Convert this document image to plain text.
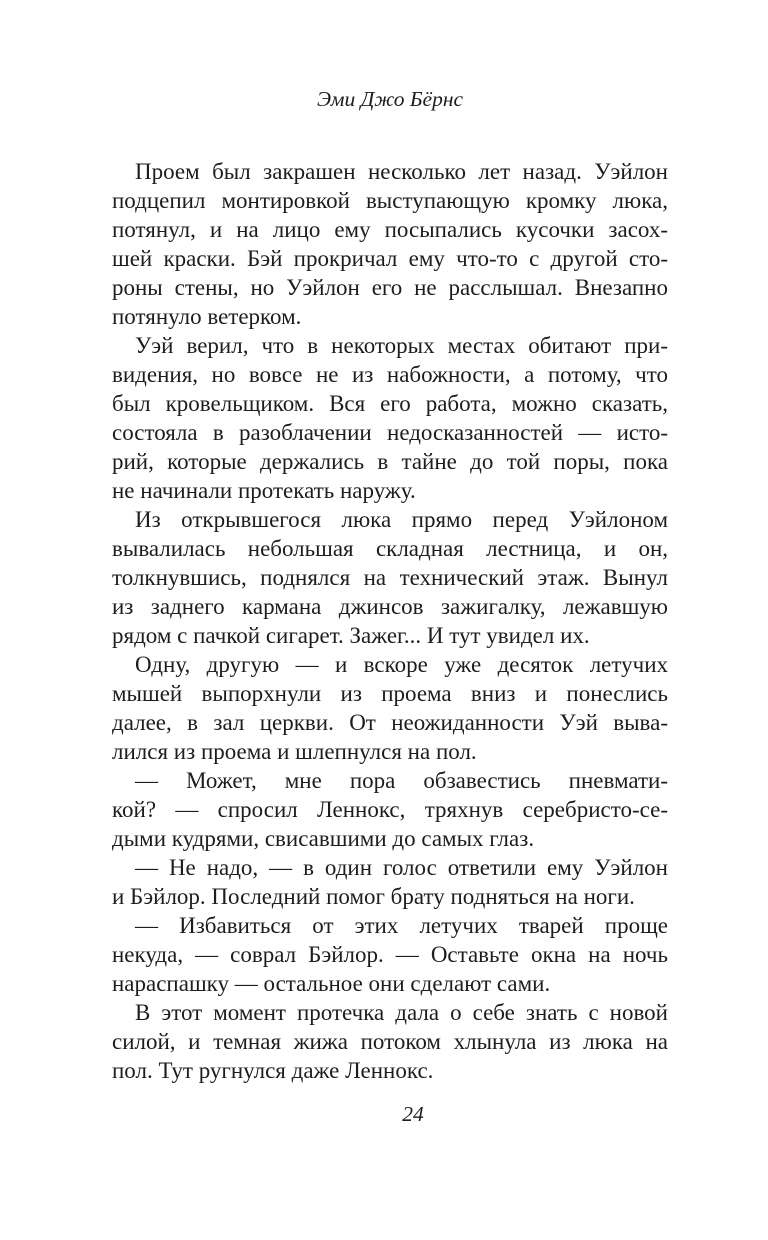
Эми Джо Бёрнс

Проем был закрашен несколько лет назад. Уэйлон
подцепил монтировкой выступающую кромку люка,
потянул, и на лицо ему посыпались кусочки засох-
шей краски. Бэй прокричал ему что-то с другой сто-
роны стены, но Уэйлон его не расслышал. Внезапно
потянуло ветерком.

Уэй верил, что в некоторых местах обитают при-
видения, но вовсе не из набожности, а потому, что
был кровельщиком. Вся его работа, можно сказать,
состояла в разоблачении недосказанностей — исто-
рий, которые держались в тайне до той поры, пока
не начинали протекать наружу.

Из открывшегося люка прямо перед Уэйлоном
вывалилась небольшая складная лестница, и он,
толкнувшись, поднялся на технический этаж. Вынул
из заднего кармана джинсов зажигалку, лежавшую
рядом с пачкой сигарет. Зажег... И тут увидел их.

Одну, другую — и вскоре уже десяток летучих
мышей выпорхнули из проема вниз и понеслись
далее, в зал церкви. От неожиданности Уэй выва-
лился из проема и шлепнулся на пол.

— Может, мне пора обзавестись пневмати-
кой? — спросил Леннокс, тряхнув серебристо-се-
дыми кудрями, свисавшими до самых глаз.

— Не надо, — в один голос ответили ему Уэйлон
и Бэйлор. Последний помог брату подняться на ноги.

— Избавиться от этих летучих тварей проще
некуда, — соврал Бэйлор. — Оставьте окна на ночь
нараспашку — остальное они сделают сами.

В этот момент протечка дала о себе знать с новой
силой, и темная жижа потоком хлынула из люка на
пол. Тут ругнулся даже Леннокс.

24
